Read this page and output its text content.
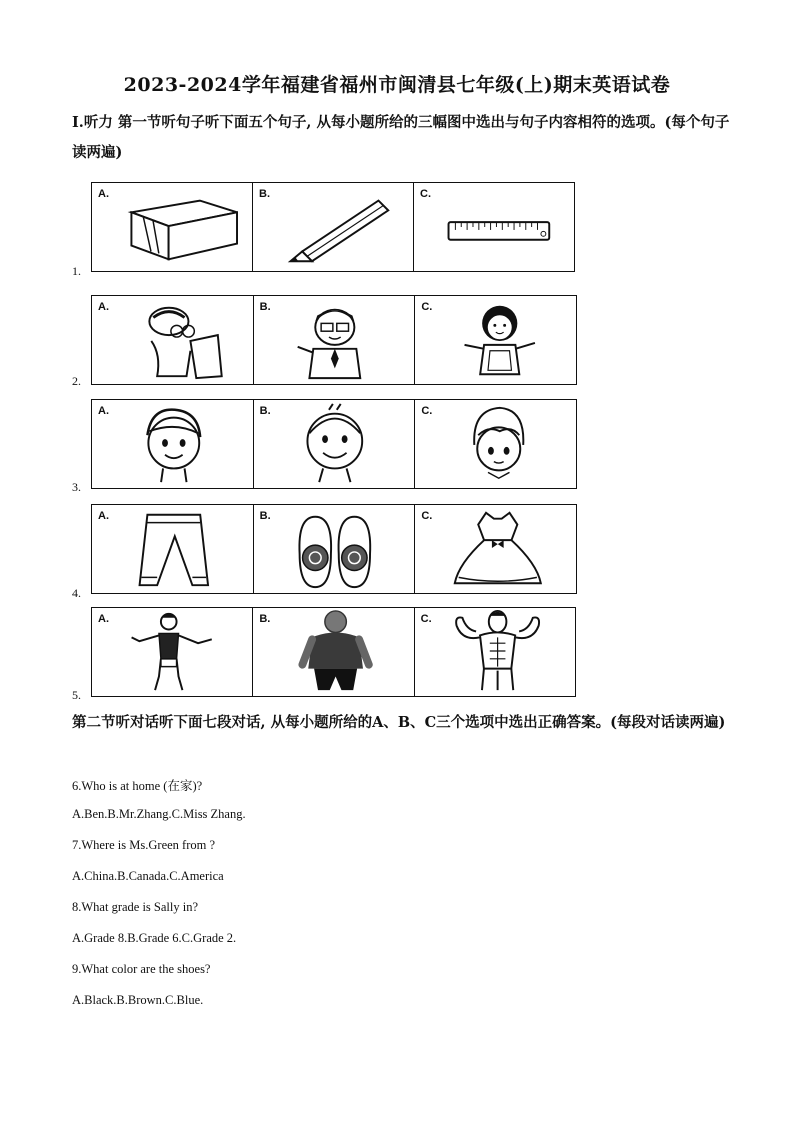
2023-2024学年福建省福州市闽清县七年级(上)期末英语试卷
I.听力 第一节听句子听下面五个句子, 从每小题所给的三幅图中选出与句子内容相符的选项。(每个句子读两遍)
1.
A.	B.	C.
2.
A.	B.	C.
3.
A.	B.	C.
4.
A.	B.	C.
5.
A.	B.	C.
第二节听对话听下面七段对话, 从每小题所给的A、B、C三个选项中选出正确答案。(每段对话读两遍)
6.Who is at home (在家)?
A.Ben.B.Mr.Zhang.C.Miss Zhang.
7.Where is Ms.Green from ?
A.China.B.Canada.C.America
8.What grade is Sally in?
A.Grade 8.B.Grade 6.C.Grade 2.
9.What color are the shoes?
A.Black.B.Brown.C.Blue.
